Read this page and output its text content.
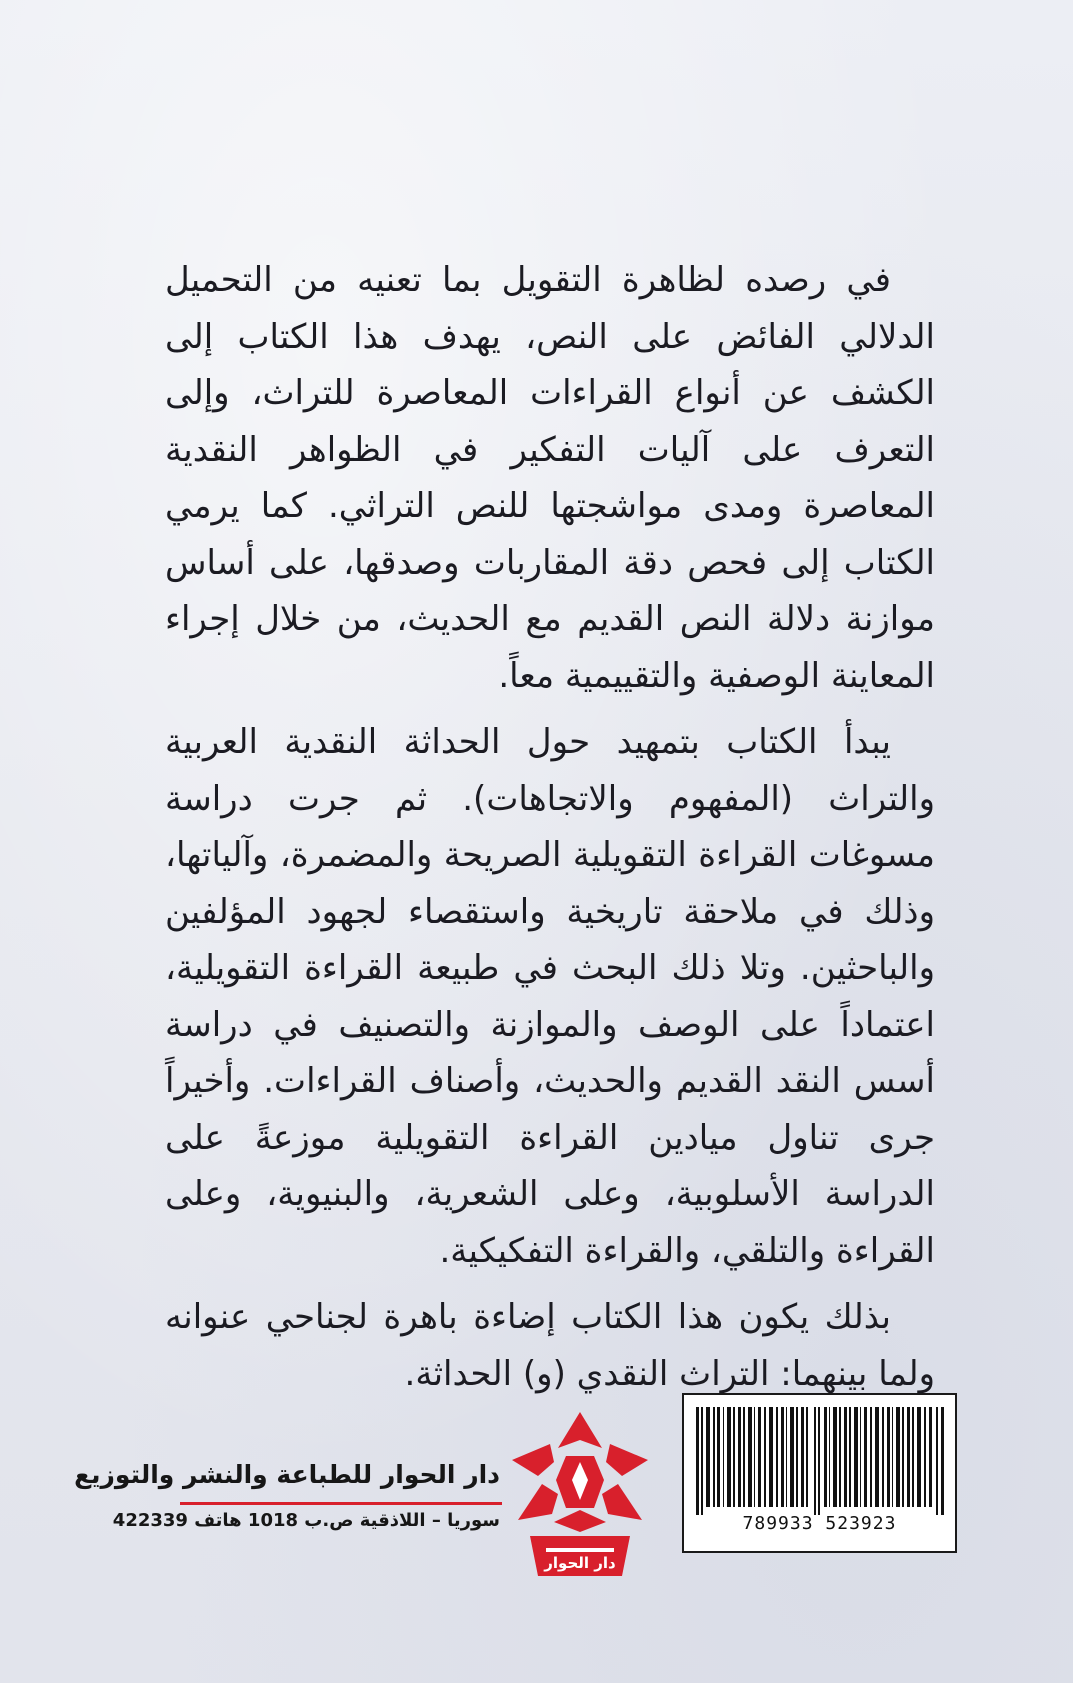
في رصده لظاهرة التقويل بما تعنيه من التحميل الدلالي الفائض على النص، يهدف هذا الكتاب إلى الكشف عن أنواع القراءات المعاصرة للتراث، وإلى التعرف على آليات التفكير في الظواهر النقدية المعاصرة ومدى مواشجتها للنص التراثي. كما يرمي الكتاب إلى فحص دقة المقاربات وصدقها، على أساس موازنة دلالة النص القديم مع الحديث، من خلال إجراء المعاينة الوصفية والتقييمية معاً.

يبدأ الكتاب بتمهيد حول الحداثة النقدية العربية والتراث (المفهوم والاتجاهات). ثم جرت دراسة مسوغات القراءة التقويلية الصريحة والمضمرة، وآلياتها، وذلك في ملاحقة تاريخية واستقصاء لجهود المؤلفين والباحثين. وتلا ذلك البحث في طبيعة القراءة التقويلية، اعتماداً على الوصف والموازنة والتصنيف في دراسة أسس النقد القديم والحديث، وأصناف القراءات. وأخيراً جرى تناول ميادين القراءة التقويلية موزعةً على الدراسة الأسلوبية، وعلى الشعرية، والبنيوية، وعلى القراءة والتلقي، والقراءة التفكيكية.

بذلك يكون هذا الكتاب إضاءة باهرة لجناحي عنوانه ولما بينهما: التراث النقدي (و) الحداثة.

دار الحوار
دار الحوار للطباعة والنشر والتوزيع
سوريا – اللاذقية ص.ب 1018 هاتف 422339	789933 523923
